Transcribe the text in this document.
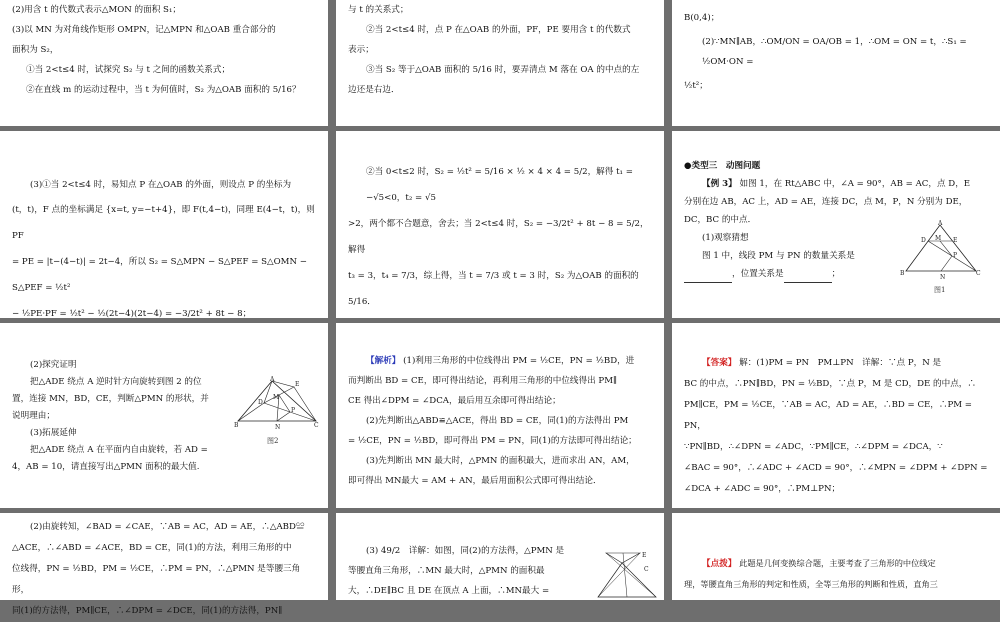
(2)用含 t 的代数式表示△MON 的面积 S₁；

(3)以 MN 为对角线作矩形 OMPN，记△MPN 和△OAB 重合部分的

面积为 S₂，

①当 2<t≤4 时，试探究 S₂ 与 t 之间的函数关系式；

②在直线 m 的运动过程中，当 t 为何值时，S₂ 为△OAB 面积的 5/16？

与 t 的关系式；

②当 2<t≤4 时，点 P 在△OAB 的外面，PF，PE 要用含 t 的代数式

表示；

③当 S₂ 等于△OAB 面积的 5/16 时，要弄清点 M 落在 OA 的中点的左

边还是右边．

B(0,4)；

(2)∵MN∥AB，∴OM/ON = OA/OB = 1，∴OM = ON = t，∴S₁ = ½OM·ON =

½t²；

(3)①当 2<t≤4 时，易知点 P 在△OAB 的外面，则设点 P 的坐标为

(t，t)，F 点的坐标满足 {x=t, y=−t+4}，即 F(t,4−t)，同理 E(4−t，t)，则 PF

= PE = |t−(4−t)| = 2t−4，所以 S₂ = S△MPN − S△PEF = S△OMN − S△PEF = ½t²

− ½PE·PF = ½t² − ½(2t−4)(2t−4) = −3/2t² + 8t − 8；

②当 0<t≤2 时，S₂ = ½t² = 5/16 × ½ × 4 × 4 = 5/2，解得 t₁ = −√5<0，t₂ = √5

>2，两个都不合题意，舍去；当 2<t≤4 时，S₂ = −3/2t² + 8t − 8 = 5/2，解得

t₃ = 3，t₄ = 7/3，综上得，当 t = 7/3 或 t = 3 时，S₂ 为△OAB 的面积的 5/16．

●类型三　动图问题

【例 3】 如图 1，在 Rt△ABC 中，∠A = 90°，AB = AC，点 D，E

分别在边 AB，AC 上，AD = AE，连接 DC，点 M，P，N 分别为 DE，

DC，BC 的中点．

(1)观察猜想

图 1 中，线段 PM 与 PN 的数量关系是

，位置关系是	；

A
D M E
P
B
N
C
图1

(2)探究证明

把△ADE 绕点 A 逆时针方向旋转到图 2 的位

置，连接 MN，BD，CE，判断△PMN 的形状，并

说明理由；

(3)拓展延伸

把△ADE 绕点 A 在平面内自由旋转，若 AD =

4，AB = 10，请直接写出△PMN 面积的最大值.

A
E
D
M
P
B	N	C
图2

【解析】 (1)利用三角形的中位线得出 PM = ½CE，PN = ½BD，进

而判断出 BD = CE，即可得出结论，再利用三角形的中位线得出 PM∥

CE 得出∠DPM = ∠DCA，最后用互余即可得出结论；

(2)先判断出△ABD≌△ACE，得出 BD = CE，同(1)的方法得出 PM

= ½CE，PN = ½BD，即可得出 PM = PN，同(1)的方法即可得出结论；

(3)先判断出 MN 最大时，△PMN 的面积最大，进而求出 AN，AM，

即可得出 MN最大 = AM + AN，最后用面积公式即可得出结论．

【答案】 解：(1)PM = PN　PM⊥PN　详解：∵点 P，N 是

BC 的中点，∴PN∥BD，PN = ½BD，∵点 P，M 是 CD，DE 的中点，∴

PM∥CE，PM = ½CE，∵AB = AC，AD = AE，∴BD = CE，∴PM = PN，

∵PN∥BD，∴∠DPN = ∠ADC，∵PM∥CE，∴∠DPM = ∠DCA，∵

∠BAC = 90°，∴∠ADC + ∠ACD = 90°，∴∠MPN = ∠DPM + ∠DPN =

∠DCA + ∠ADC = 90°，∴PM⊥PN；

(2)由旋转知，∠BAD = ∠CAE，∵AB = AC，AD = AE，∴△ABD≌

△ACE，∴∠ABD = ∠ACE，BD = CE，同(1)的方法，利用三角形的中

位线得，PN = ½BD，PM = ½CE，∴PM = PN，∴△PMN 是等腰三角形，

同(1)的方法得，PM∥CE，∴∠DPM = ∠DCE，同(1)的方法得，PN∥

(3) 49/2　详解：如图，同(2)的方法得，△PMN 是

等腰直角三角形，∴MN 最大时，△PMN 的面积最

大，∴DE∥BC 且 DE 在顶点 A 上面，∴MN最大 =

E
C

【点拨】 此题是几何变换综合题，主要考查了三角形的中位线定

理，等腰直角三角形的判定和性质，全等三角形的判断和性质，直角三
